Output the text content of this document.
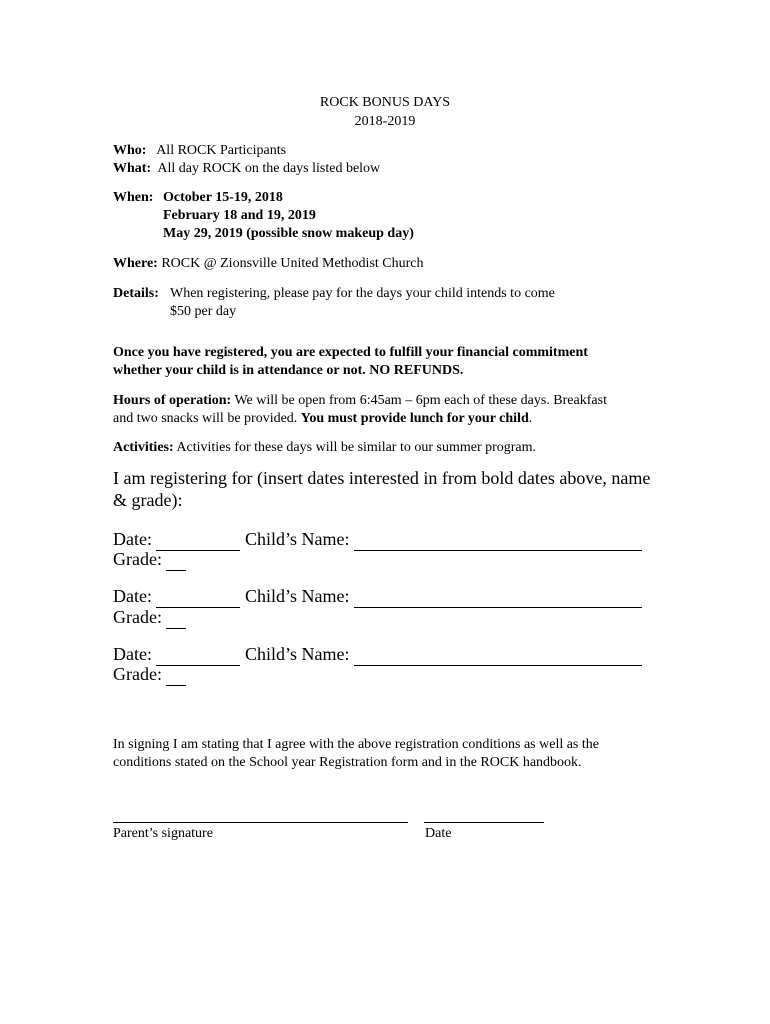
ROCK BONUS DAYS
2018-2019
Who: All ROCK Participants
What: All day ROCK on the days listed below
When: October 15-19, 2018
February 18 and 19, 2019
May 29, 2019 (possible snow makeup day)
Where: ROCK @ Zionsville United Methodist Church
Details: When registering, please pay for the days your child intends to come
$50 per day
Once you have registered, you are expected to fulfill your financial commitment
whether your child is in attendance or not. NO REFUNDS.
Hours of operation: We will be open from 6:45am – 6pm each of these days. Breakfast
and two snacks will be provided. You must provide lunch for your child.
Activities: Activities for these days will be similar to our summer program.
I am registering for (insert dates interested in from bold dates above, name
& grade):
Date:	Child’s Name:
Grade:
Date:	Child’s Name:
Grade:
Date:	Child’s Name:
Grade:
In signing I am stating that I agree with the above registration conditions as well as the
conditions stated on the School year Registration form and in the ROCK handbook.
Parent’s signature	Date
